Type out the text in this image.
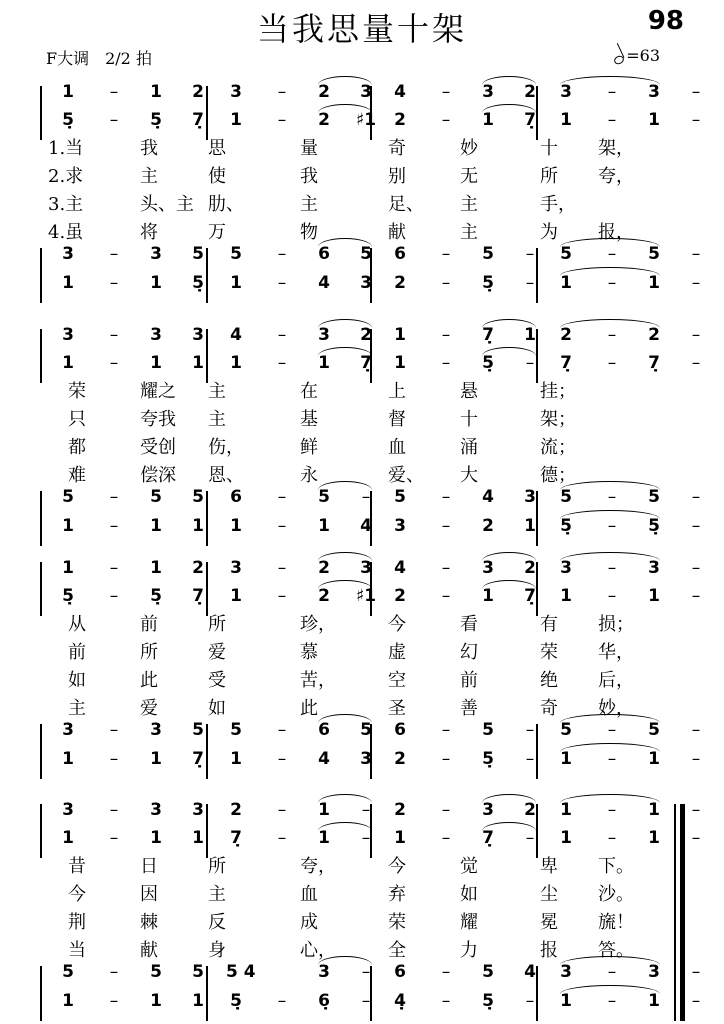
当我思量十架	98
F大调　2/2 拍	=63
1	–	1 2 3	–	2 3 4	–	3 2 3	–	3	–
5̣	–	5̣ 7̣ 1	–	2 ♯1 2	–	1 7̣ 1	–	1	–
3	–	3 5 5	–	6 5 6	–	5	–	5	–	5	–
1	–	1 5̣ 1	–	4 3 2	–	5̣	–	1	–	1	–
1.当	我	思	量	奇	妙	十 架，
2.求	主	使	我	别	无	所 夸，
3.主	头、主 肋、	主	足、 主	手，
4.虽	将	万	物	献	主	为 报，
3	–	3 3 4	–	3 2 1	–	7̣ 1 2	–	2	–
1	–	1 1 1	–	1 7̣ 1	–	5̣	–	7̣	–	7̣	–
5	–	5 5 6	–	5	–	5	–	4 3 5	–	5	–
1	–	1 1 1	–	1 4 3	–	2 1 5̣	–	5̣	–
荣	耀之 主	在	上	悬	挂；
只	夸我 主	基	督	十	架；
都	受创 伤，	鲜	血	涌	流；
难	偿深 恩、	永	爱、 大	德；
1	–	1 2 3	–	2 3 4	–	3 2 3	–	3	–
5̣	–	5̣ 7̣ 1	–	2 ♯1 2	–	1 7̣ 1	–	1	–
3	–	3 5 5	–	6 5 6	–	5	–	5	–	5	–
1	–	1 7̣ 1	–	4 3 2	–	5̣	–	1	–	1	–
从	前	所	珍，	今	看	有 损；
前	所	爱	慕	虚	幻	荣 华，
如	此	受	苦，	空	前	绝 后，
主	爱	如	此	圣	善	奇 妙，
3	–	3 3 2	–	1	–	2	–	3 2 1	–	1	–
1	–	1 1 7̣	–	1	–	1	–	7̣	–	1	–	1	–
5	–	5 5 5 4	3	–	6	–	5 4 3	–	3	–
1	–	1 1 5̣	–	6̣	–	4̣	–	5̣	–	1	–	1	–
昔	日	所	夸，	今	觉	卑 下。
今	因	主	血	弃	如	尘 沙。
荆	棘	反	成	荣	耀	冕 旒！
当	献	身	心，	全	力	报 答。
